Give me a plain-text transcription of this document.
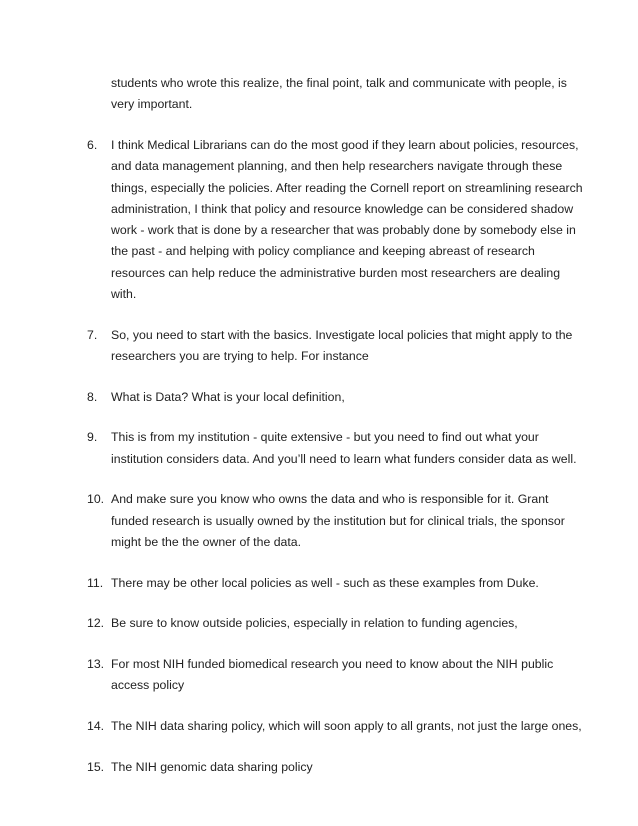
students who wrote this realize, the final point, talk and communicate with people, is very important.
6. I think Medical Librarians can do the most good if they learn about policies, resources, and data management planning, and then help researchers navigate through these things, especially the policies. After reading the Cornell report on streamlining research administration, I think that policy and resource knowledge can be considered shadow work - work that is done by a researcher that was probably done by somebody else in the past - and helping with policy compliance and keeping abreast of research resources can help reduce the administrative burden most researchers are dealing with.
7. So, you need to start with the basics. Investigate local policies that might apply to the researchers you are trying to help. For instance
8. What is Data? What is your local definition,
9. This is from my institution - quite extensive - but you need to find out what your institution considers data. And you’ll need to learn what funders consider data as well.
10. And make sure you know who owns the data and who is responsible for it. Grant funded research is usually owned by the institution but for clinical trials, the sponsor might be the the owner of the data.
11. There may be other local policies as well - such as these examples from Duke.
12. Be sure to know outside policies, especially in relation to funding agencies,
13. For most NIH funded biomedical research you need to know about the NIH public access policy
14. The NIH data sharing policy, which will soon apply to all grants, not just the large ones,
15. The NIH genomic data sharing policy
